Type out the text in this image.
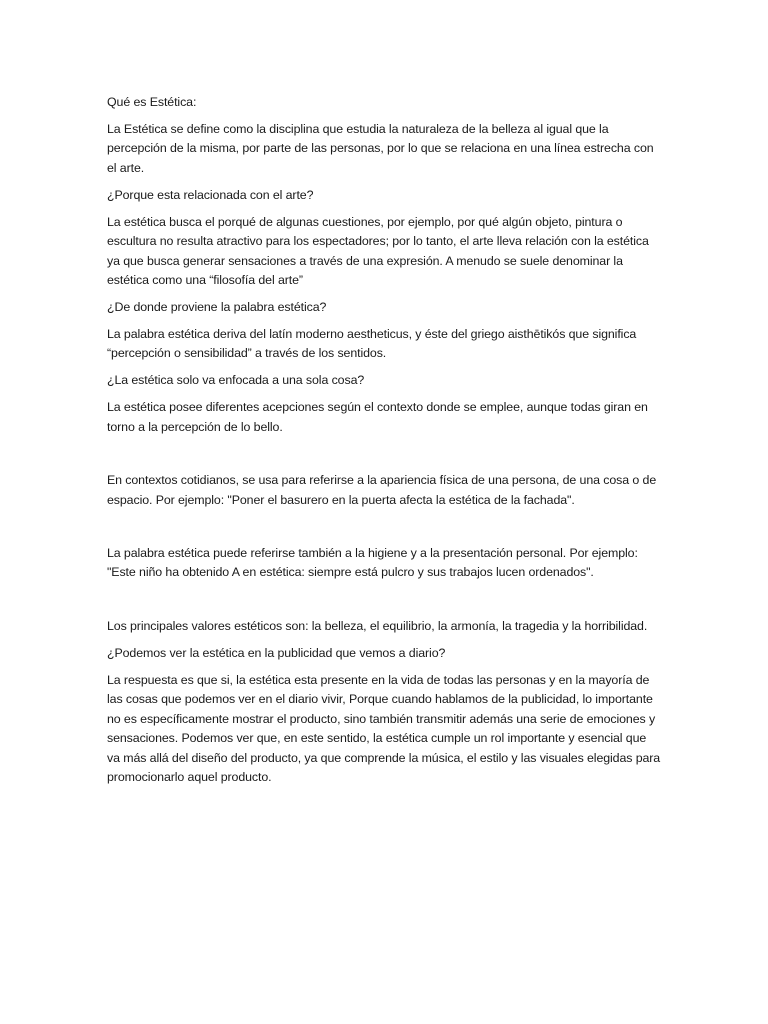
Qué es Estética:

La Estética se define como la disciplina que estudia la naturaleza de la belleza al igual que la percepción de la misma, por parte de las personas, por lo que se relaciona en una línea estrecha con el arte.

¿Porque esta relacionada con el arte?

La estética busca el porqué de algunas cuestiones, por ejemplo, por qué algún objeto, pintura o escultura no resulta atractivo para los espectadores; por lo tanto, el arte lleva relación con la estética ya que busca generar sensaciones a través de una expresión. A menudo se suele denominar la estética como una “filosofía del arte”

¿De donde proviene la palabra estética?

La palabra estética deriva del latín moderno aestheticus, y éste del griego aisthētikós que significa “percepción o sensibilidad” a través de los sentidos.

¿La estética solo va enfocada a una sola cosa?

La estética posee diferentes acepciones según el contexto donde se emplee, aunque todas giran en torno a la percepción de lo bello.

En contextos cotidianos, se usa para referirse a la apariencia física de una persona, de una cosa o de espacio. Por ejemplo: "Poner el basurero en la puerta afecta la estética de la fachada".

La palabra estética puede referirse también a la higiene y a la presentación personal. Por ejemplo: "Este niño ha obtenido A en estética: siempre está pulcro y sus trabajos lucen ordenados".

Los principales valores estéticos son: la belleza, el equilibrio, la armonía, la tragedia y la horribilidad.

¿Podemos ver la estética en la publicidad que vemos a diario?

La respuesta es que si, la estética esta presente en la vida de todas las personas y en la mayoría de las cosas que podemos ver en el diario vivir, Porque cuando hablamos de la publicidad, lo importante no es específicamente mostrar el producto, sino también transmitir además una serie de emociones y sensaciones. Podemos ver que, en este sentido, la estética cumple un rol importante y esencial que va más allá del diseño del producto, ya que comprende la música, el estilo y las visuales elegidas para promocionarlo aquel producto.
